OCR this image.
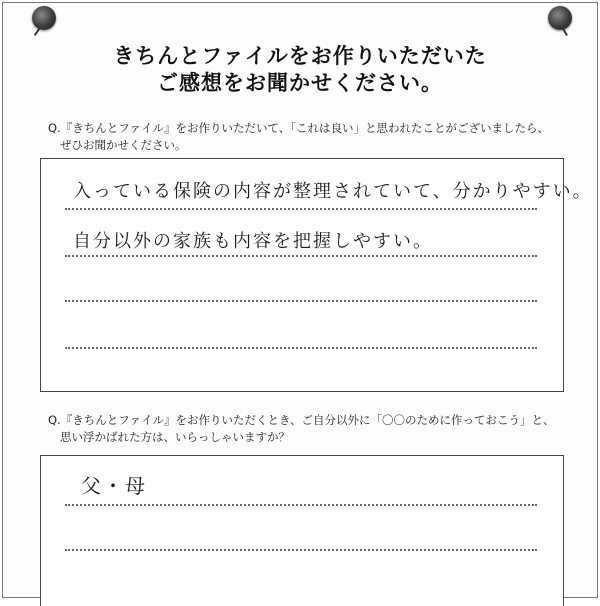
きちんとファイルをお作りいただいた
ご感想をお聞かせください。
Q.『きちんとファイル』をお作りいただいて、「これは良い」と思われたことがございましたら、
ぜひお聞かせください。
入っている保険の内容が整理されていて、分かりやすい。
自分以外の家族も内容を把握しやすい。
Q.『きちんとファイル』をお作りいただくとき、ご自分以外に「〇〇のために作っておこう」と、
思い浮かばれた方は、いらっしゃいますか？
父・母
